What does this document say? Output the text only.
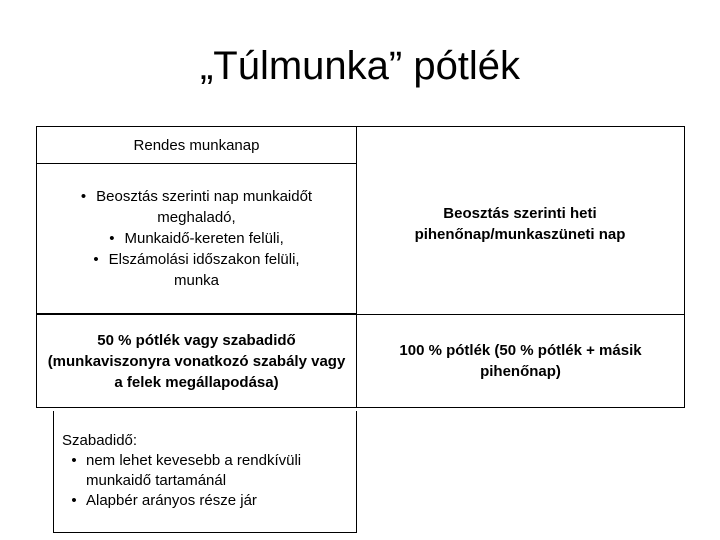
„Túlmunka” pótlék
Rendes munkanap
• Beosztás szerinti nap munkaidőt meghaladó,
• Munkaidő-kereten felüli,
• Elszámolási időszakon felüli,
munka
50 % pótlék vagy szabadidő (munkaviszonyra vonatkozó szabály vagy a felek megállapodása)
Beosztás szerinti heti pihenőnap/munkaszüneti nap
100 % pótlék (50 % pótlék + másik pihenőnap)
Szabadidő:
• nem lehet kevesebb a rendkívüli munkaidő tartamánál
• Alapbér arányos része jár
